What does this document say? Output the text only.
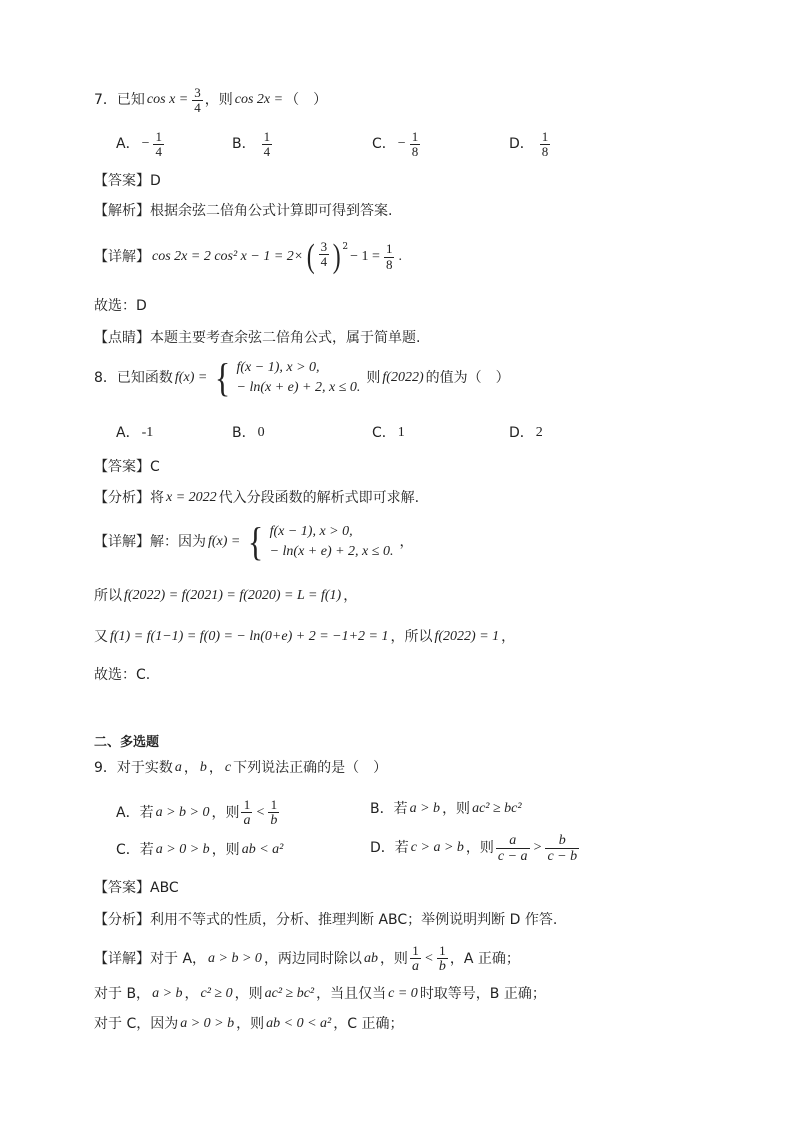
7．已知 $\cos x = \frac{3}{4}$ ，则 cos 2x = （　）
A． − $\frac{1}{4}$	B． $\frac{1}{4}$	C． − $\frac{1}{8}$	D． $\frac{1}{8}$
【答案】 D
【解析】 根据余弦二倍角公式计算即可得到答案.
【详解】 cos 2x = 2 cos² x − 1 = 2× ( $\frac{3}{4} )^2$
− $1 = \frac{1}{8}$ .
故选：D
【点睛】 本题主要考查余弦二倍角公式，属于简单题.
8．已知函数 f(x) = { f(x − 1), x > 0,
− ln(x + e) + 2, x ≤ 0.
则 f(2022) 的值为（　）
A． -1	B． 0	C． 1	D． 2
【答案】 C
【分析】 将 x = 2022 代入分段函数的解析式即可求解.
【详解】 解：因为 f(x) = { f(x − 1), x > 0,
− ln(x + e) + 2, x ≤ 0.
，
所以 f(2022) = f(2021) = f(2020) = L = f(1) ，
又 f(1) = f(1−1) = f(0) = − ln(0+e) + 2 = −1+2 = 1 ，所以 f(2022) = 1 ，
故选：C.
二、多选题
9．对于实数 a ， b ， c 下列说法正确的是（　）
A．若 a > b > 0 ，则 $\frac{1}{a} < \frac{1}{b}$	B．若 a > b ，则 ac² ≥ bc²
C．若 a > 0 > b ，则 ab < a²	D．若 c > a > b ，则 $\frac{a}{c - a} > \frac{b}{c - b}$
【答案】 ABC
【分析】 利用不等式的性质，分析、推理判断 ABC；举例说明判断 D 作答.
【详解】 对于 A， a > b > 0 ，两边同时除以 ab ，则 $\frac{1}{a} < \frac{1}{b}$ ，A 正确；
对于 B， a > b ， c² ≥ 0 ，则 ac² ≥ bc² ，当且仅当 c = 0 时取等号，B 正确；
对于 C，因为 a > 0 > b ，则 ab < 0 < a² ，C 正确；
